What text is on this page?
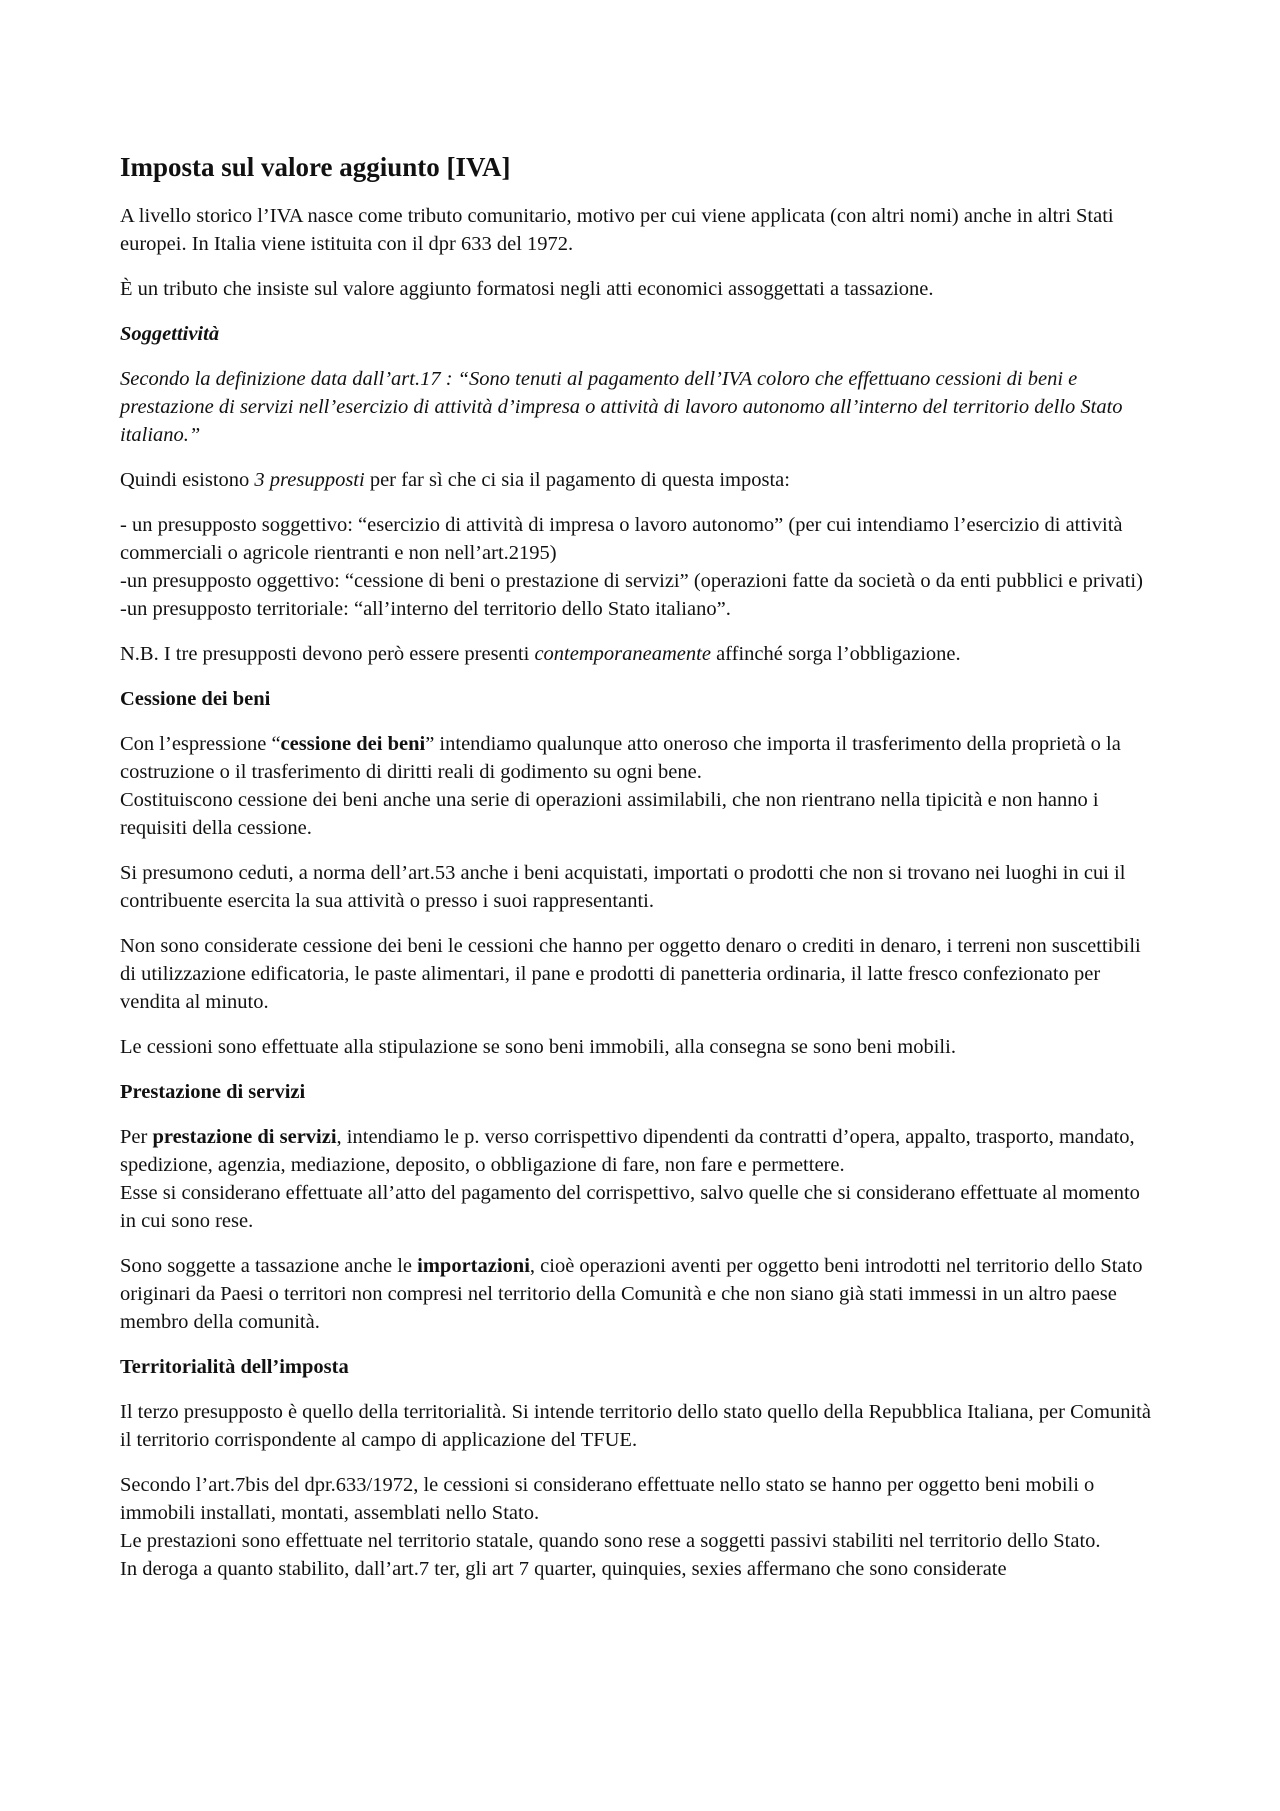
Imposta sul valore aggiunto [IVA]

A livello storico l’IVA nasce come tributo comunitario, motivo per cui viene applicata (con altri nomi) anche in altri Stati europei. In Italia viene istituita con il dpr 633 del 1972.

È un tributo che insiste sul valore aggiunto formatosi negli atti economici assoggettati a tassazione.

Soggettività

Secondo la definizione data dall’art.17 : “Sono tenuti al pagamento dell’IVA coloro che effettuano cessioni di beni e prestazione di servizi nell’esercizio di attività d’impresa o attività di lavoro autonomo all’interno del territorio dello Stato italiano.”

Quindi esistono 3 presupposti per far sì che ci sia il pagamento di questa imposta:

- un presupposto soggettivo: “esercizio di attività di impresa o lavoro autonomo” (per cui intendiamo l’esercizio di attività commerciali o agricole rientranti e non nell’art.2195)
-un presupposto oggettivo: “cessione di beni o prestazione di servizi” (operazioni fatte da società o da enti pubblici e privati)
-un presupposto territoriale: “all’interno del territorio dello Stato italiano”.

N.B. I tre presupposti devono però essere presenti contemporaneamente affinché sorga l’obbligazione.

Cessione dei beni

Con l’espressione “cessione dei beni” intendiamo qualunque atto oneroso che importa il trasferimento della proprietà o la costruzione o il trasferimento di diritti reali di godimento su ogni bene.
Costituiscono cessione dei beni anche una serie di operazioni assimilabili, che non rientrano nella tipicità e non hanno i requisiti della cessione.

Si presumono ceduti, a norma dell’art.53 anche i beni acquistati, importati o prodotti che non si trovano nei luoghi in cui il contribuente esercita la sua attività o presso i suoi rappresentanti.

Non sono considerate cessione dei beni le cessioni che hanno per oggetto denaro o crediti in denaro, i terreni non suscettibili di utilizzazione edificatoria, le paste alimentari, il pane e prodotti di panetteria ordinaria, il latte fresco confezionato per vendita al minuto.

Le cessioni sono effettuate alla stipulazione se sono beni immobili, alla consegna se sono beni mobili.

Prestazione di servizi

Per prestazione di servizi, intendiamo le p. verso corrispettivo dipendenti da contratti d’opera, appalto, trasporto, mandato, spedizione, agenzia, mediazione, deposito, o obbligazione di fare, non fare e permettere.
Esse si considerano effettuate all’atto del pagamento del corrispettivo, salvo quelle che si considerano effettuate al momento in cui sono rese.

Sono soggette a tassazione anche le importazioni, cioè operazioni aventi per oggetto beni introdotti nel territorio dello Stato originari da Paesi o territori non compresi nel territorio della Comunità e che non siano già stati immessi in un altro paese membro della comunità.

Territorialità dell’imposta

Il terzo presupposto è quello della territorialità. Si intende territorio dello stato quello della Repubblica Italiana, per Comunità il territorio corrispondente al campo di applicazione del TFUE.

Secondo l’art.7bis del dpr.633/1972, le cessioni si considerano effettuate nello stato se hanno per oggetto beni mobili o immobili installati, montati, assemblati nello Stato.
Le prestazioni sono effettuate nel territorio statale, quando sono rese a soggetti passivi stabiliti nel territorio dello Stato.
In deroga a quanto stabilito, dall’art.7 ter, gli art 7 quarter, quinquies, sexies affermano che sono considerate
